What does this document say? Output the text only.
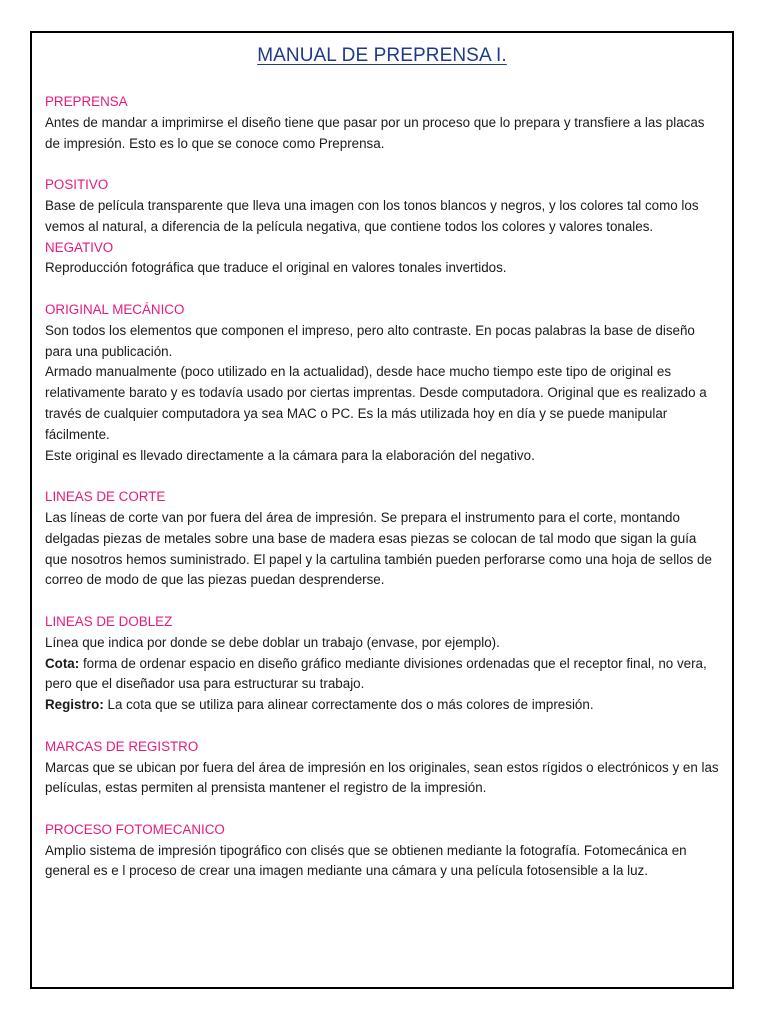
MANUAL DE PREPRENSA I.

PREPRENSA

Antes de mandar a imprimirse el diseño tiene que pasar por un proceso que lo prepara y transfiere a las placas de impresión. Esto es lo que se conoce como Preprensa.

POSITIVO

Base de película transparente que lleva una imagen con los tonos blancos y negros, y los colores tal como los vemos al natural, a diferencia de la película negativa, que contiene todos los colores y valores tonales.

NEGATIVO

Reproducción fotográfica que traduce el original en valores tonales invertidos.

ORIGINAL MECÁNICO

Son todos los elementos que componen el impreso, pero alto contraste. En pocas palabras la base de diseño para una publicación.

Armado manualmente (poco utilizado en la actualidad), desde hace mucho tiempo este tipo de original es relativamente barato y es todavía usado por ciertas imprentas. Desde computadora. Original que es realizado a través de cualquier computadora ya sea MAC o PC. Es la más utilizada hoy en día y se puede manipular fácilmente.

Este original es llevado directamente a la cámara para la elaboración del negativo.

LINEAS DE CORTE

Las líneas de corte van por fuera del área de impresión. Se prepara el instrumento para el corte, montando delgadas piezas de metales sobre una base de madera esas piezas se colocan de tal modo que sigan la guía que nosotros hemos suministrado. El papel y la cartulina también pueden perforarse como una hoja de sellos de correo de modo de que las piezas puedan desprenderse.

LINEAS DE DOBLEZ

Línea que indica por donde se debe doblar un trabajo (envase, por ejemplo).

Cota: forma de ordenar espacio en diseño gráfico mediante divisiones ordenadas que el receptor final, no vera, pero que el diseñador usa para estructurar su trabajo.

Registro: La cota que se utiliza para alinear correctamente dos o más colores de impresión.

MARCAS DE REGISTRO

Marcas que se ubican por fuera del área de impresión en los originales, sean estos rígidos o electrónicos y en las películas, estas permiten al prensista mantener el registro de la impresión.

PROCESO FOTOMECANICO

Amplio sistema de impresión tipográfico con clisés que se obtienen mediante la fotografía. Fotomecánica en general es e l proceso de crear una imagen mediante una cámara y una película fotosensible a la luz.
